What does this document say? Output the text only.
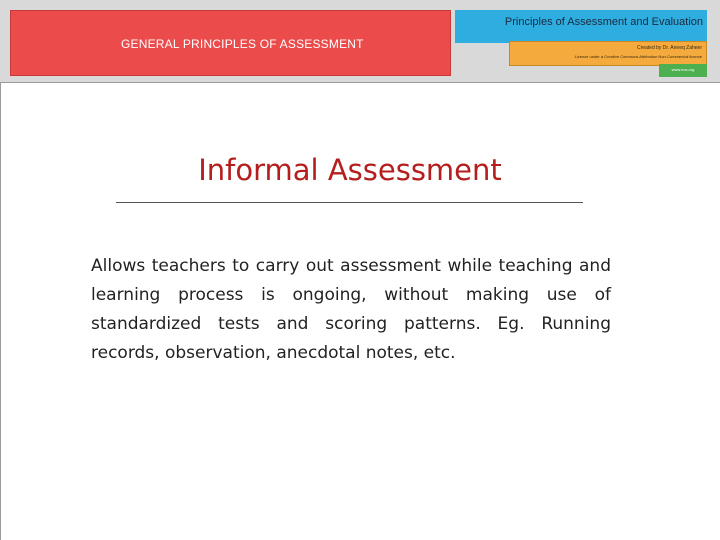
GENERAL PRINCIPLES OF ASSESSMENT
Principles of Assessment and Evaluation
Created by Dr. Aneeq Zaheer
Licence under a Creative Commons Attribution Non-Commercial licence
www.ecs.org
Informal Assessment

Allows teachers to carry out assessment while teaching and learning process is ongoing, without making use of standardized tests and scoring patterns. Eg. Running records, observation, anecdotal notes, etc.
